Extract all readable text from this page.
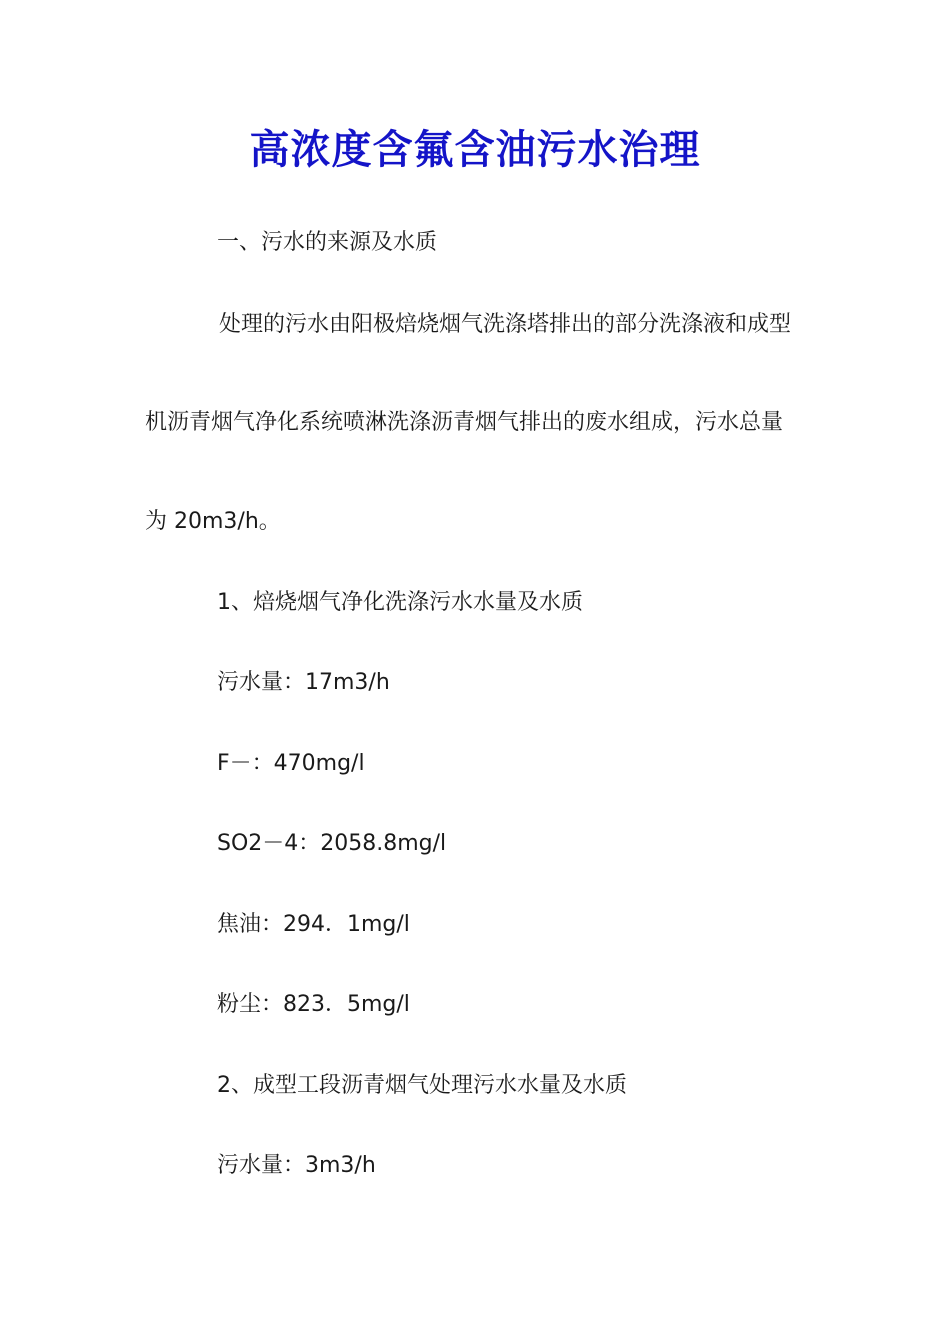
高浓度含氟含油污水治理
一、污水的来源及水质
处理的污水由阳极焙烧烟气洗涤塔排出的部分洗涤液和成型
机沥青烟气净化系统喷淋洗涤沥青烟气排出的废水组成，污水总量
为 20m3/h。
1、焙烧烟气净化洗涤污水水量及水质
污水量：17m3/h
F－：470mg/l
SO2－4：2058.8mg/l
焦油：294．1mg/l
粉尘：823．5mg/l
2、成型工段沥青烟气处理污水水量及水质
污水量：3m3/h
